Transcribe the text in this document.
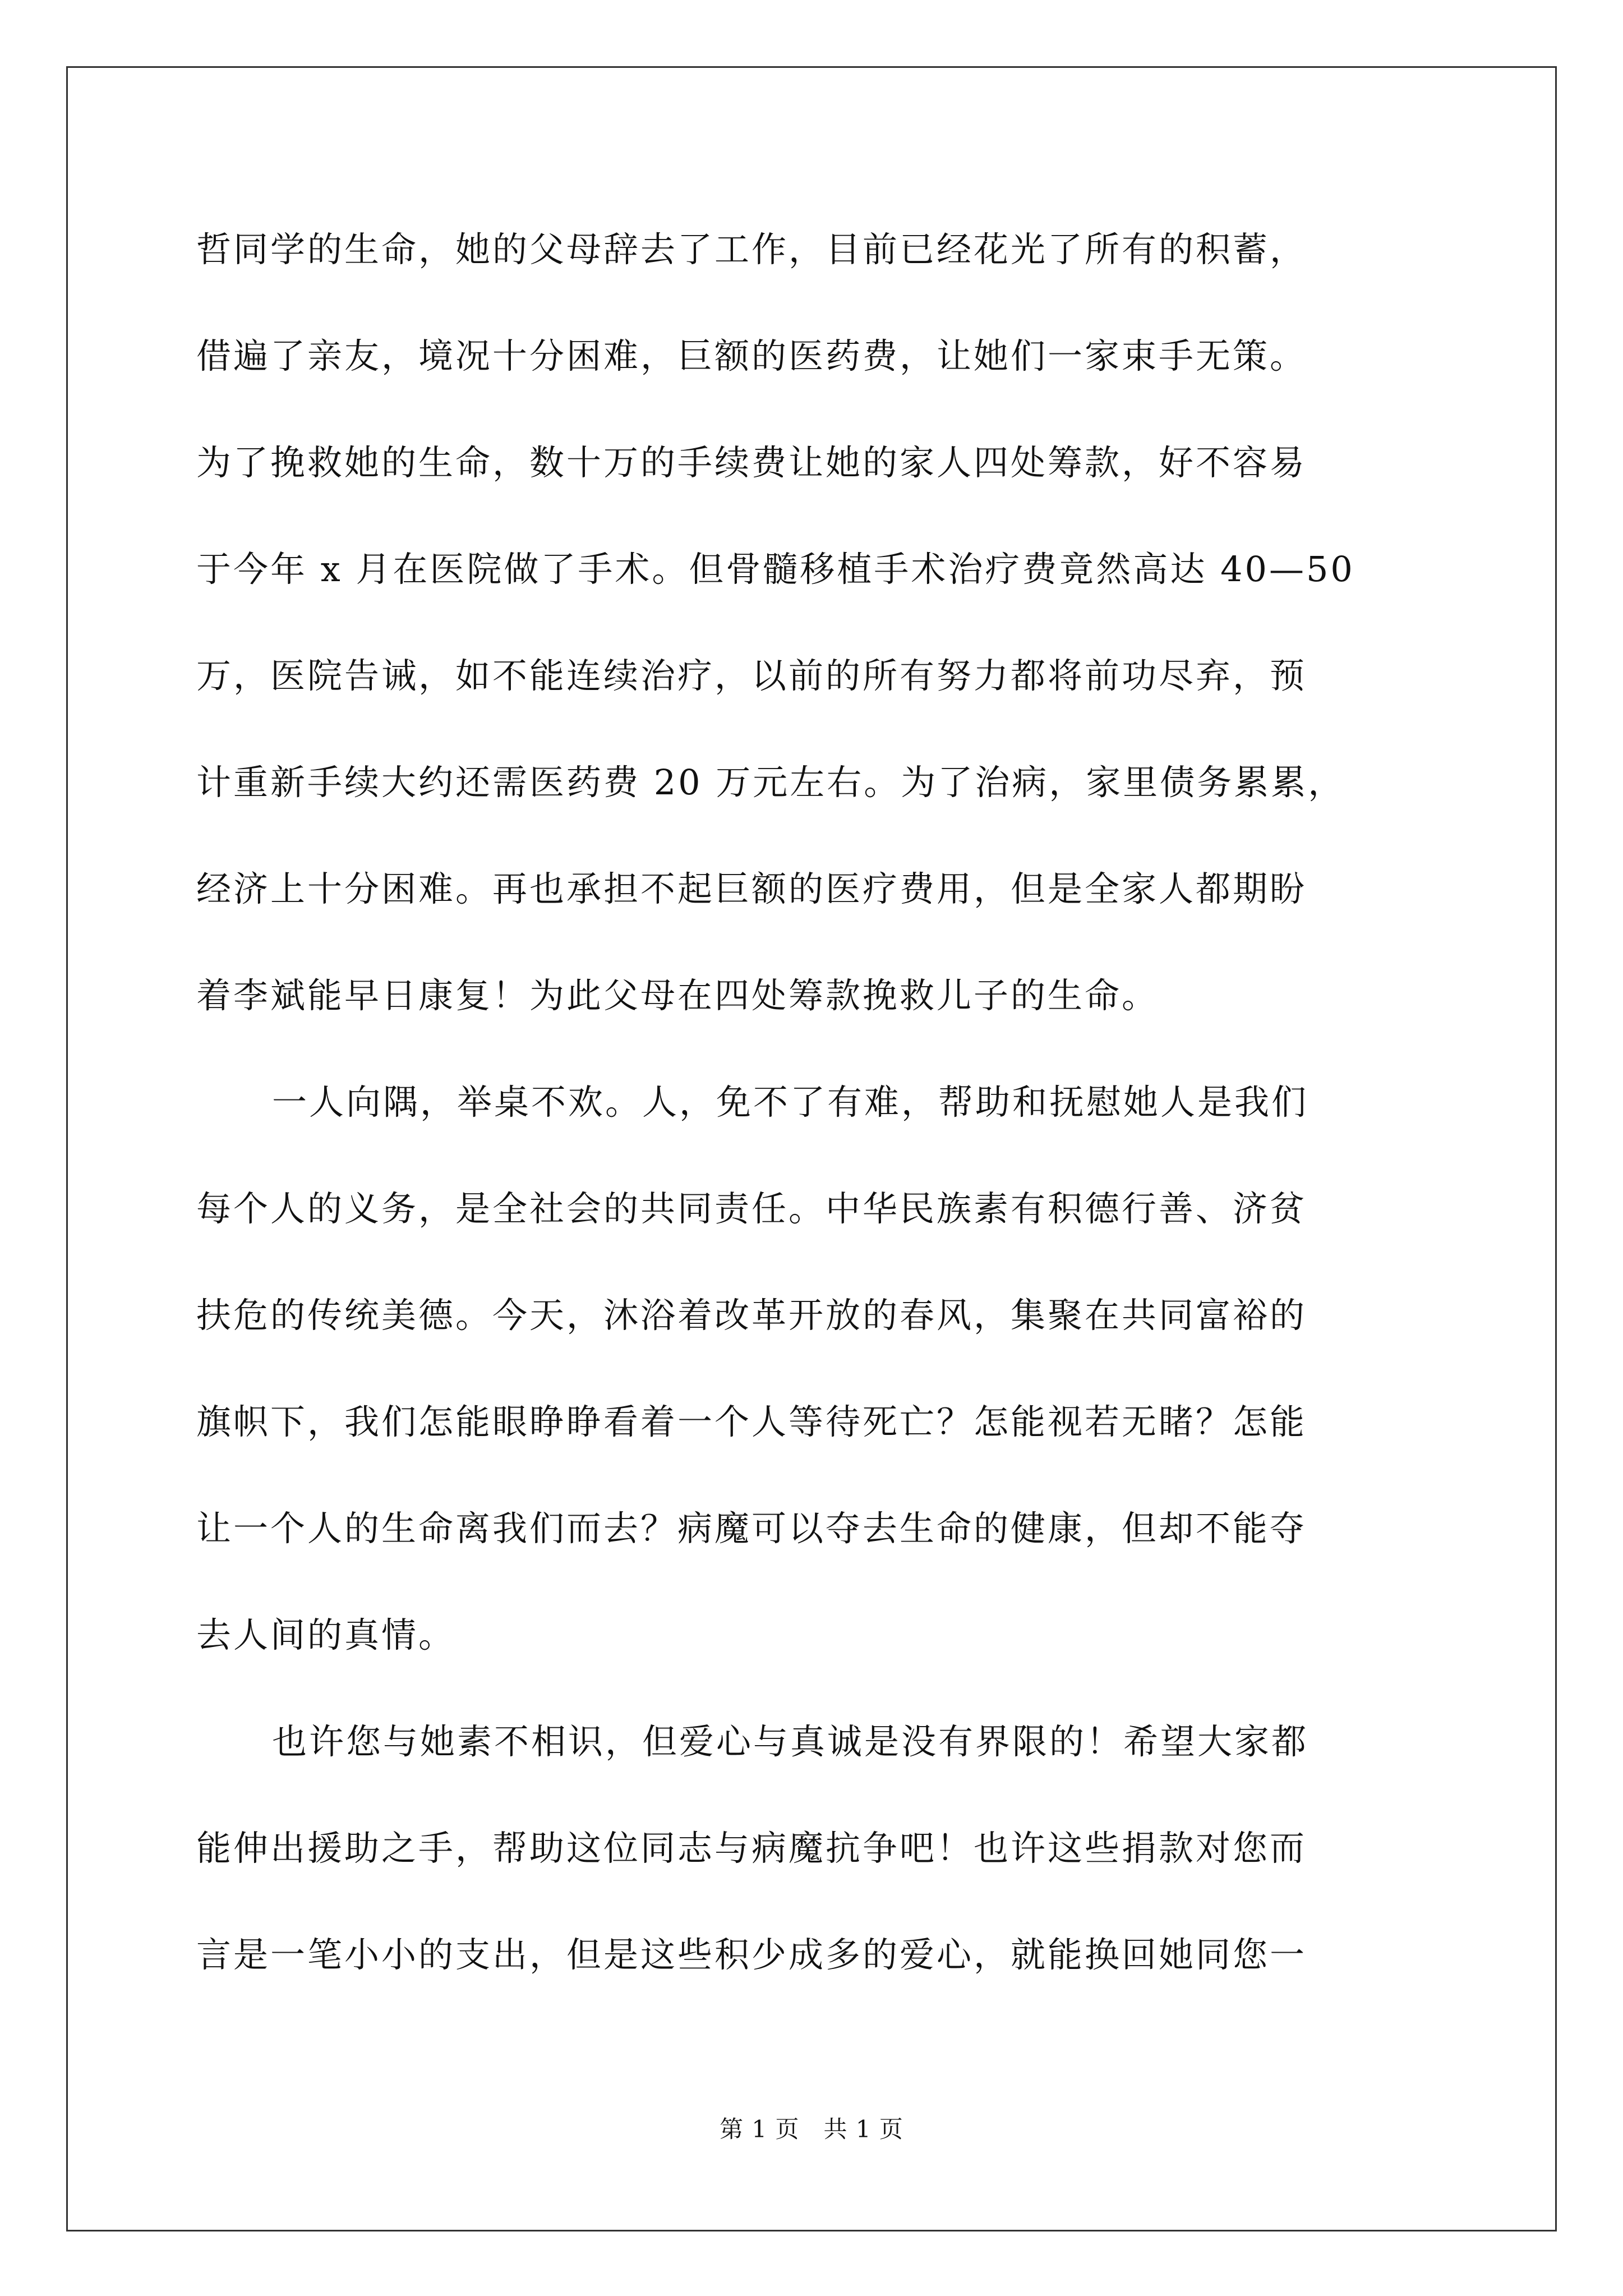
哲同学的生命，她的父母辞去了工作，目前已经花光了所有的积蓄，
借遍了亲友，境况十分困难，巨额的医药费，让她们一家束手无策。
为了挽救她的生命，数十万的手续费让她的家人四处筹款，好不容易
于今年 x 月在医院做了手术。但骨髓移植手术治疗费竟然高达 40—50
万，医院告诫，如不能连续治疗，以前的所有努力都将前功尽弃，预
计重新手续大约还需医药费 20 万元左右。为了治病，家里债务累累，
经济上十分困难。再也承担不起巨额的医疗费用，但是全家人都期盼
着李斌能早日康复！为此父母在四处筹款挽救儿子的生命。
一人向隅，举桌不欢。人，免不了有难，帮助和抚慰她人是我们
每个人的义务，是全社会的共同责任。中华民族素有积德行善、济贫
扶危的传统美德。今天，沐浴着改革开放的春风，集聚在共同富裕的
旗帜下，我们怎能眼睁睁看着一个人等待死亡？怎能视若无睹？怎能
让一个人的生命离我们而去？病魔可以夺去生命的健康，但却不能夺
去人间的真情。
也许您与她素不相识，但爱心与真诚是没有界限的！希望大家都
能伸出援助之手，帮助这位同志与病魔抗争吧！也许这些捐款对您而
言是一笔小小的支出，但是这些积少成多的爱心，就能换回她同您一
第 1 页　共 1 页
